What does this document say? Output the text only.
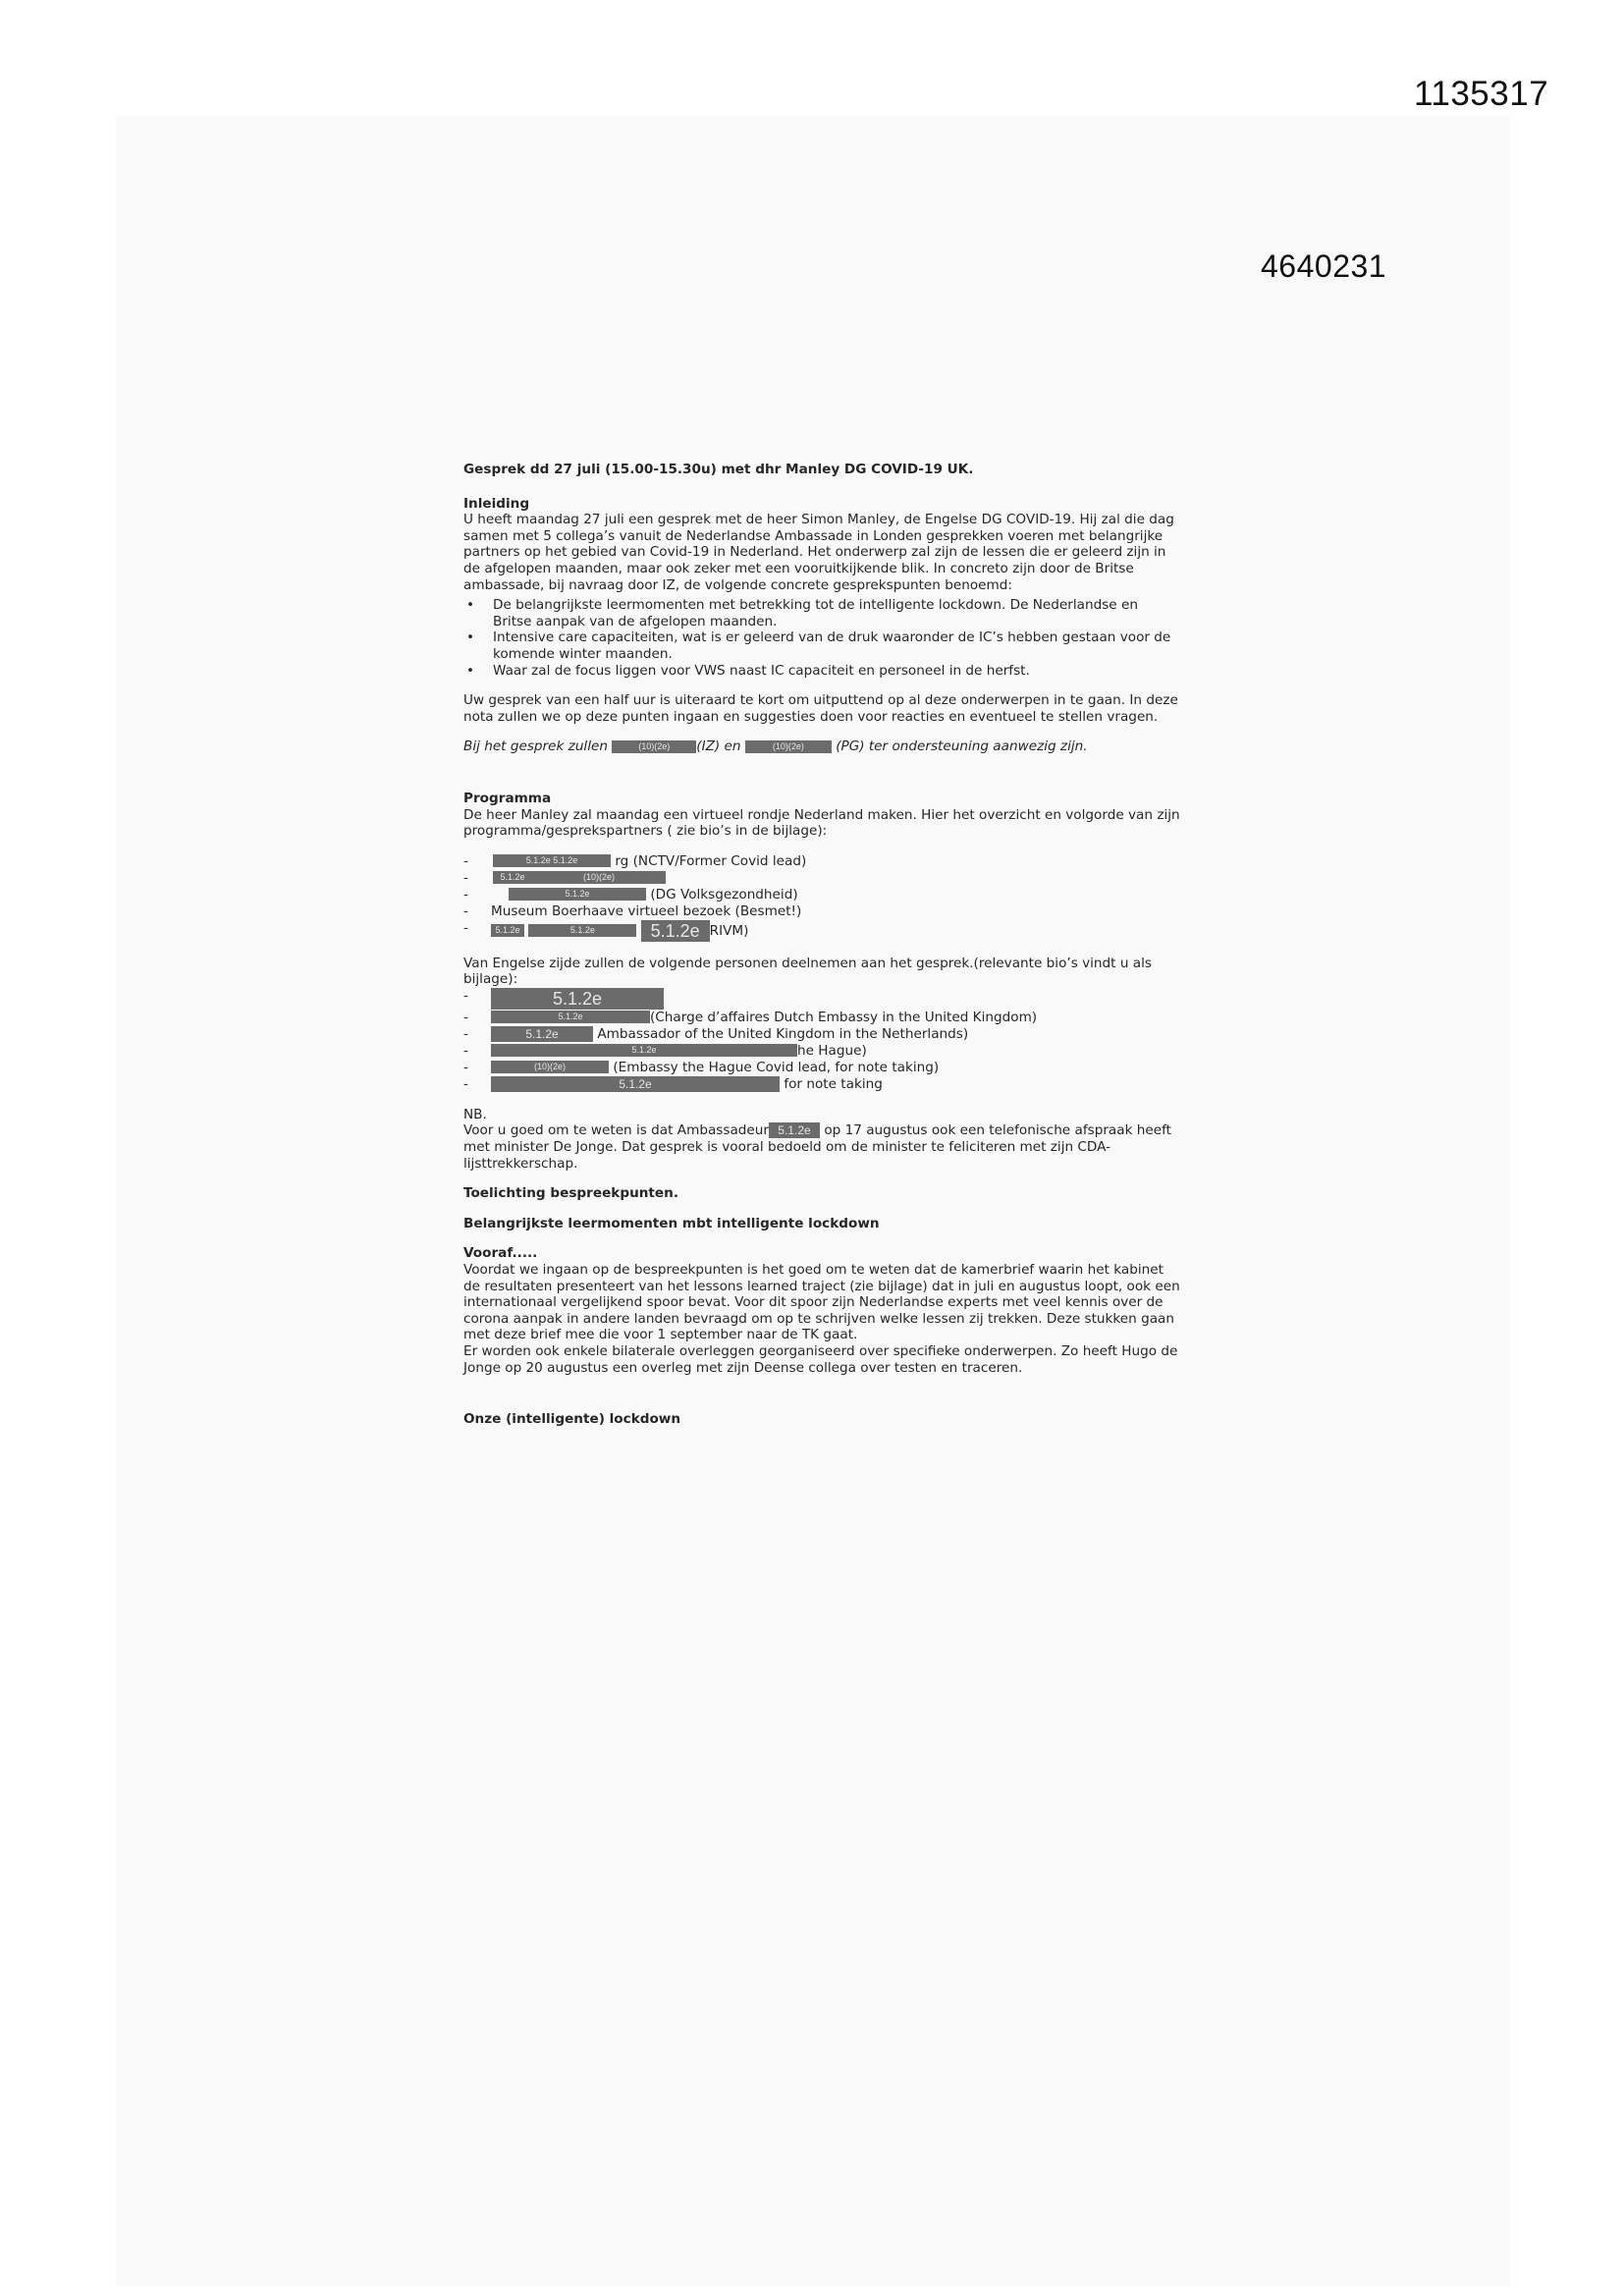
1135317
4640231

Gesprek dd 27 juli (15.00-15.30u) met dhr Manley DG COVID-19 UK.

Inleiding

U heeft maandag 27 juli een gesprek met de heer Simon Manley, de Engelse DG COVID-19. Hij zal die dag samen met 5 collega’s vanuit de Nederlandse Ambassade in Londen gesprekken voeren met belangrijke partners op het gebied van Covid-19 in Nederland. Het onderwerp zal zijn de lessen die er geleerd zijn in de afgelopen maanden, maar ook zeker met een vooruitkijkende blik. In concreto zijn door de Britse ambassade, bij navraag door IZ, de volgende concrete gesprekspunten benoemd:

• De belangrijkste leermomenten met betrekking tot de intelligente lockdown. De Nederlandse en Britse aanpak van de afgelopen maanden.
• Intensive care capaciteiten, wat is er geleerd van de druk waaronder de IC’s hebben gestaan voor de komende winter maanden.
• Waar zal de focus liggen voor VWS naast IC capaciteit en personeel in de herfst.

Uw gesprek van een half uur is uiteraard te kort om uitputtend op al deze onderwerpen in te gaan. In deze nota zullen we op deze punten ingaan en suggesties doen voor reacties en eventueel te stellen vragen.

Bij het gesprek zullen	(10)(2e) (IZ) en	(10)(2e) (PG) ter ondersteuning aanwezig zijn.

Programma

De heer Manley zal maandag een virtueel rondje Nederland maken. Hier het overzicht en volgorde van zijn programma/gesprekspartners ( zie bio’s in de bijlage):

-	5.1.2e 5.1.2e	rg (NCTV/Former Covid lead)
-	5.1.2e	(10)(2e)
-	5.1.2e	(DG Volksgezondheid)
- Museum Boerhaave virtueel bezoek (Besmet!)
-	5.1.2e	5.1.2e	5.1.2e RIVM)

Van Engelse zijde zullen de volgende personen deelnemen aan het gesprek.(relevante bio’s vindt u als bijlage):

-	5.1.2e
-	5.1.2e	(Charge d’affaires Dutch Embassy in the United Kingdom)
-	5.1.2e	Ambassador of the United Kingdom in the Netherlands)
-	5.1.2e	he Hague)
-	(10)(2e)	(Embassy the Hague Covid lead, for note taking)
-	5.1.2e	for note taking

NB.

Voor u goed om te weten is dat Ambassadeur 5.1.2e op 17 augustus ook een telefonische afspraak heeft met minister De Jonge. Dat gesprek is vooral bedoeld om de minister te feliciteren met zijn CDA-lijsttrekkerschap.

Toelichting bespreekpunten.

Belangrijkste leermomenten mbt intelligente lockdown

Vooraf.....

Voordat we ingaan op de bespreekpunten is het goed om te weten dat de kamerbrief waarin het kabinet de resultaten presenteert van het lessons learned traject (zie bijlage) dat in juli en augustus loopt, ook een internationaal vergelijkend spoor bevat. Voor dit spoor zijn Nederlandse experts met veel kennis over de corona aanpak in andere landen bevraagd om op te schrijven welke lessen zij trekken. Deze stukken gaan met deze brief mee die voor 1 september naar de TK gaat.

Er worden ook enkele bilaterale overleggen georganiseerd over specifieke onderwerpen. Zo heeft Hugo de Jonge op 20 augustus een overleg met zijn Deense collega over testen en traceren.

Onze (intelligente) lockdown
